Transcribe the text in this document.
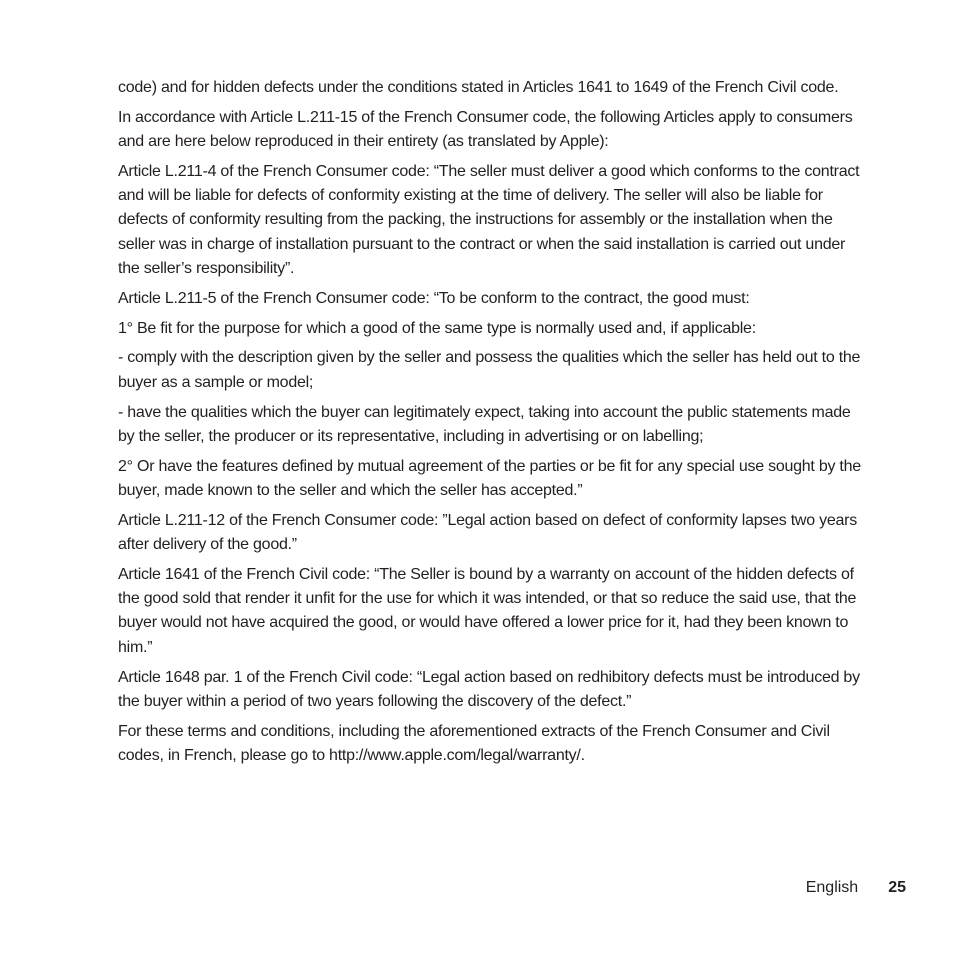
code) and for hidden defects under the conditions stated in Articles 1641 to 1649 of the French Civil code.

In accordance with Article L.211-15 of the French Consumer code, the following Articles apply to consumers and are here below reproduced in their entirety (as translated by Apple):

Article L.211-4 of the French Consumer code: “The seller must deliver a good which conforms to the contract and will be liable for defects of conformity existing at the time of delivery. The seller will also be liable for defects of conformity resulting from the packing, the instructions for assembly or the installation when the seller was in charge of installation pursuant to the contract or when the said installation is carried out under the seller’s responsibility”.

Article L.211-5 of the French Consumer code: “To be conform to the contract, the good must:

1° Be fit for the purpose for which a good of the same type is normally used and, if applicable:

- comply with the description given by the seller and possess the qualities which the seller has held out to the buyer as a sample or model;

- have the qualities which the buyer can legitimately expect, taking into account the public statements made by the seller, the producer or its representative, including in advertising or on labelling;

2° Or have the features defined by mutual agreement of the parties or be fit for any special use sought by the buyer, made known to the seller and which the seller has accepted.”

Article L.211-12 of the French Consumer code: ”Legal action based on defect of conformity lapses two years after delivery of the good.”

Article 1641 of the French Civil code: “The Seller is bound by a warranty on account of the hidden defects of the good sold that render it unfit for the use for which it was intended, or that so reduce the said use, that the buyer would not have acquired the good, or would have offered a lower price for it, had they been known to him.”

Article 1648 par. 1 of the French Civil code: “Legal action based on redhibitory defects must be introduced by the buyer within a period of two years following the discovery of the defect.”

For these terms and conditions, including the aforementioned extracts of the French Consumer and Civil codes, in French, please go to http://www.apple.com/legal/warranty/.

English 25
